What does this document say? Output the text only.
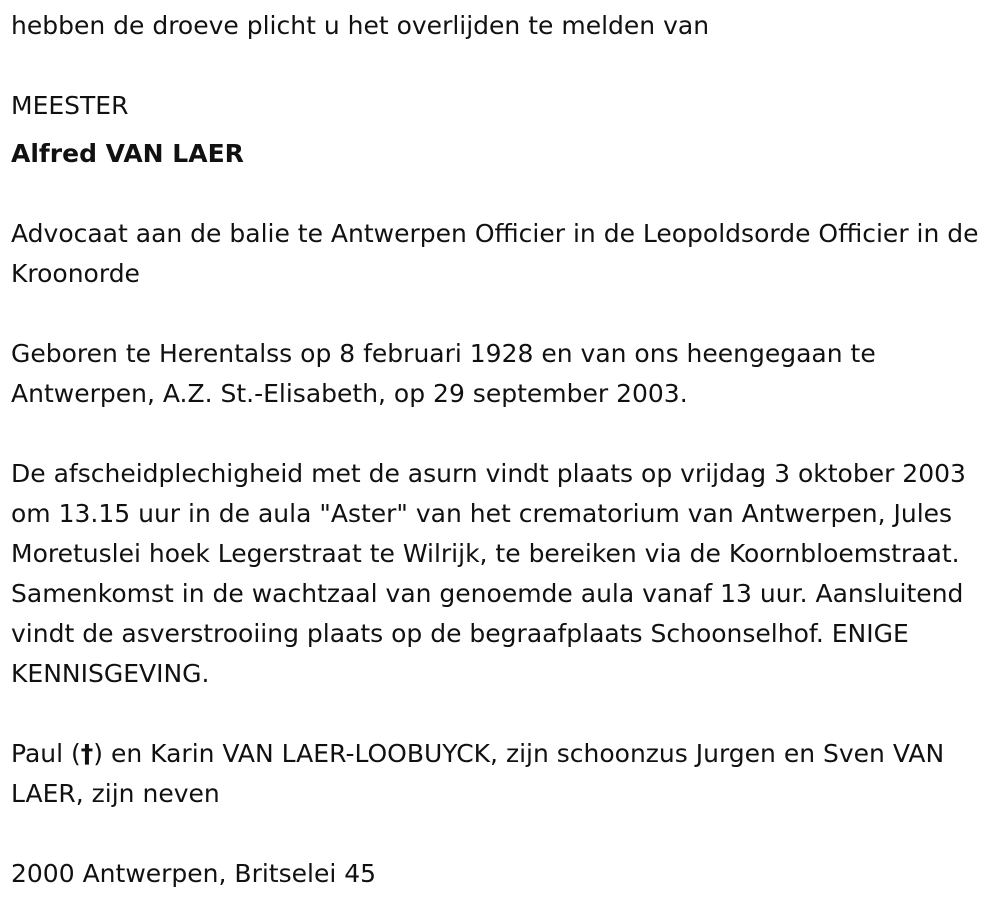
hebben de droeve plicht u het overlijden te melden van

MEESTER

Alfred VAN LAER

Advocaat aan de balie te Antwerpen Officier in de Leopoldsorde Officier in de Kroonorde

Geboren te Herentalss op 8 februari 1928 en van ons heengegaan te Antwerpen, A.Z. St.-Elisabeth, op 29 september 2003.

De afscheidplechigheid met de asurn vindt plaats op vrijdag 3 oktober 2003 om 13.15 uur in de aula "Aster" van het crematorium van Antwerpen, Jules Moretuslei hoek Legerstraat te Wilrijk, te bereiken via de Koornbloemstraat. Samenkomst in de wachtzaal van genoemde aula vanaf 13 uur. Aansluitend vindt de asverstrooiing plaats op de begraafplaats Schoonselhof. ENIGE KENNISGEVING.

Paul (†) en Karin VAN LAER-LOOBUYCK, zijn schoonzus Jurgen en Sven VAN LAER, zijn neven

2000 Antwerpen, Britselei 45
